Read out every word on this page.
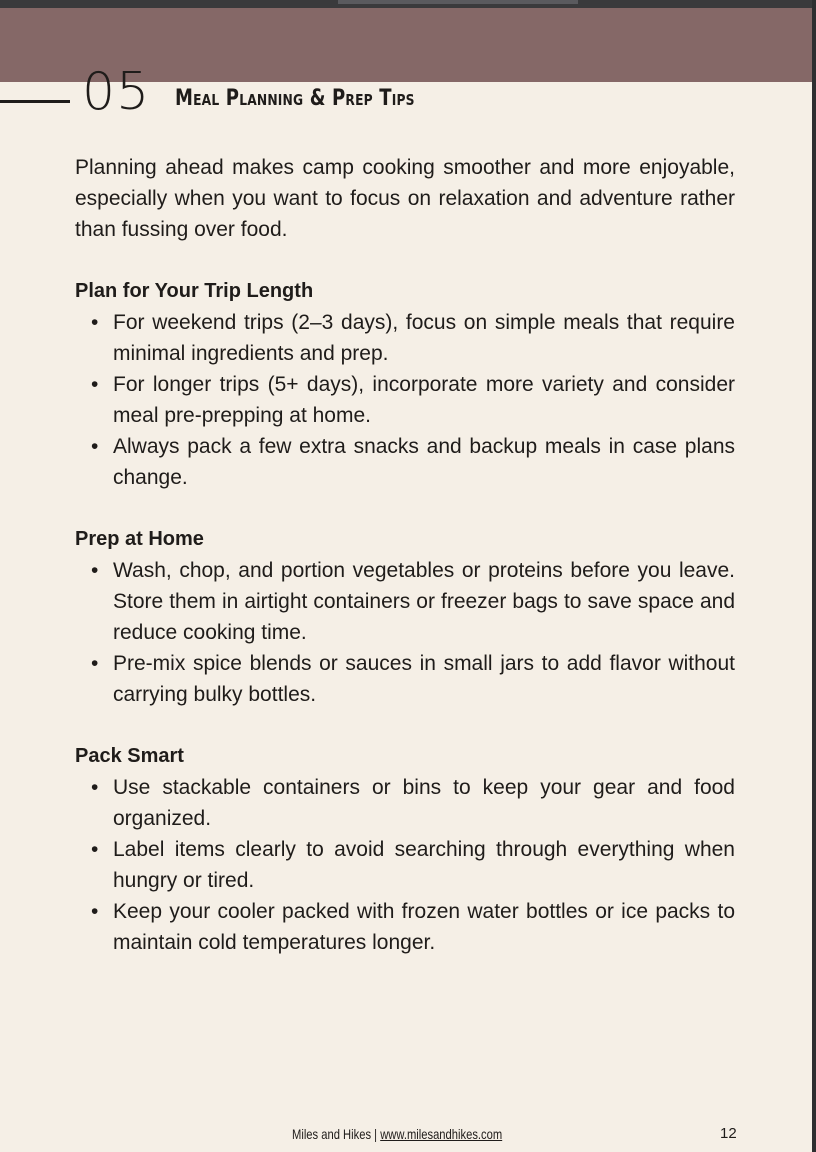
05 Meal Planning & Prep Tips

Planning ahead makes camp cooking smoother and more enjoyable, especially when you want to focus on relaxation and adventure rather than fussing over food.

Plan for Your Trip Length
• For weekend trips (2–3 days), focus on simple meals that require minimal ingredients and prep.
• For longer trips (5+ days), incorporate more variety and consider meal pre-prepping at home.
• Always pack a few extra snacks and backup meals in case plans change.
Prep at Home
• Wash, chop, and portion vegetables or proteins before you leave. Store them in airtight containers or freezer bags to save space and reduce cooking time.
• Pre-mix spice blends or sauces in small jars to add flavor without carrying bulky bottles.
Pack Smart
• Use stackable containers or bins to keep your gear and food organized.
• Label items clearly to avoid searching through everything when hungry or tired.
• Keep your cooler packed with frozen water bottles or ice packs to maintain cold temperatures longer.
Miles and Hikes | www.milesandhikes.com	12
